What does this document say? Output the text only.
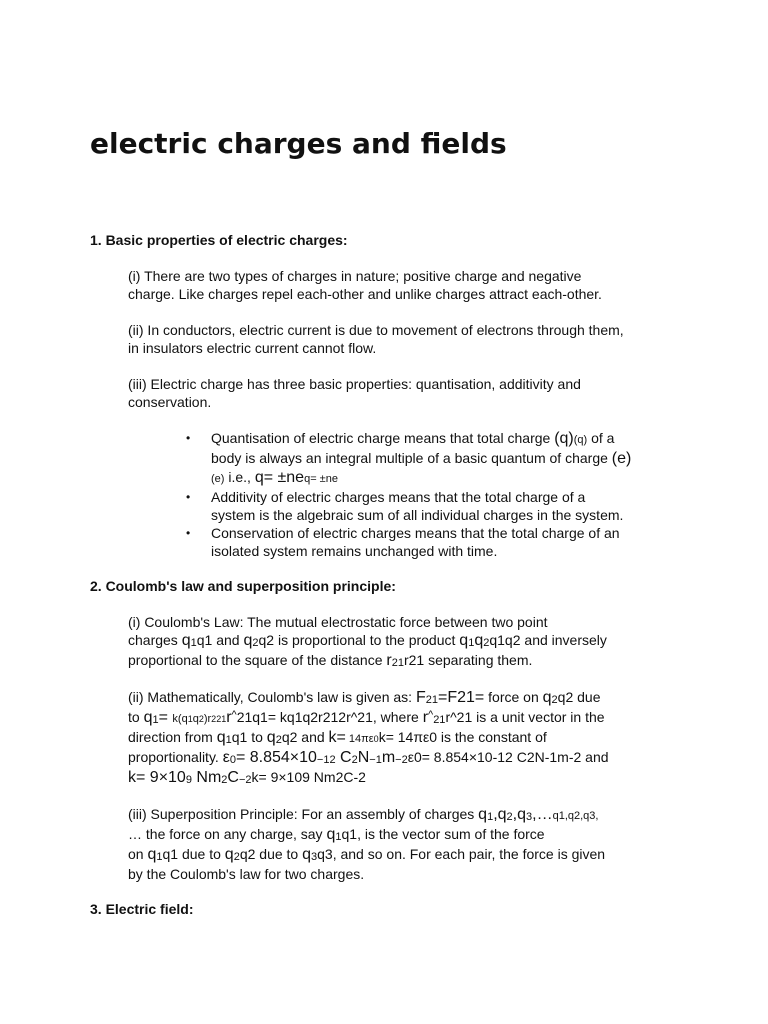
electric charges and fields
1. Basic properties of electric charges:
(i) There are two types of charges in nature; positive charge and negative
charge. Like charges repel each-other and unlike charges attract each-other.
(ii) In conductors, electric current is due to movement of electrons through them,
in insulators electric current cannot flow.
(iii) Electric charge has three basic properties: quantisation, additivity and
conservation.
• Quantisation of electric charge means that total charge (q)(q) of a
body is always an integral multiple of a basic quantum of charge (e)
(e) i.e., q= ±neq= ±ne
• Additivity of electric charges means that the total charge of a
system is the algebraic sum of all individual charges in the system.
• Conservation of electric charges means that the total charge of an
isolated system remains unchanged with time.
2. Coulomb's law and superposition principle:
(i) Coulomb's Law: The mutual electrostatic force between two point
charges q1q1 and q2q2 is proportional to the product q1q2q1q2 and inversely
proportional to the square of the distance r21r21 separating them.
(ii) Mathematically, Coulomb's law is given as: F21=F21= force on q2q2 due
to q1= k(q1q2)r221r^21q1= kq1q2r212r^21, where r^21r^21 is a unit vector in the
direction from q1q1 to q2q2 and k= 14πε0k= 14πε0 is the constant of
proportionality. ε0= 8.854×10−12 C2N−1m−2ε0= 8.854×10-12 C2N-1m-2 and
k= 9×109 Nm2C−2k= 9×109 Nm2C-2
(iii) Superposition Principle: For an assembly of charges q1,q2,q3,…q1,q2,q3,
… the force on any charge, say q1q1, is the vector sum of the force
on q1q1 due to q2q2 due to q3q3, and so on. For each pair, the force is given
by the Coulomb's law for two charges.
3. Electric field:
